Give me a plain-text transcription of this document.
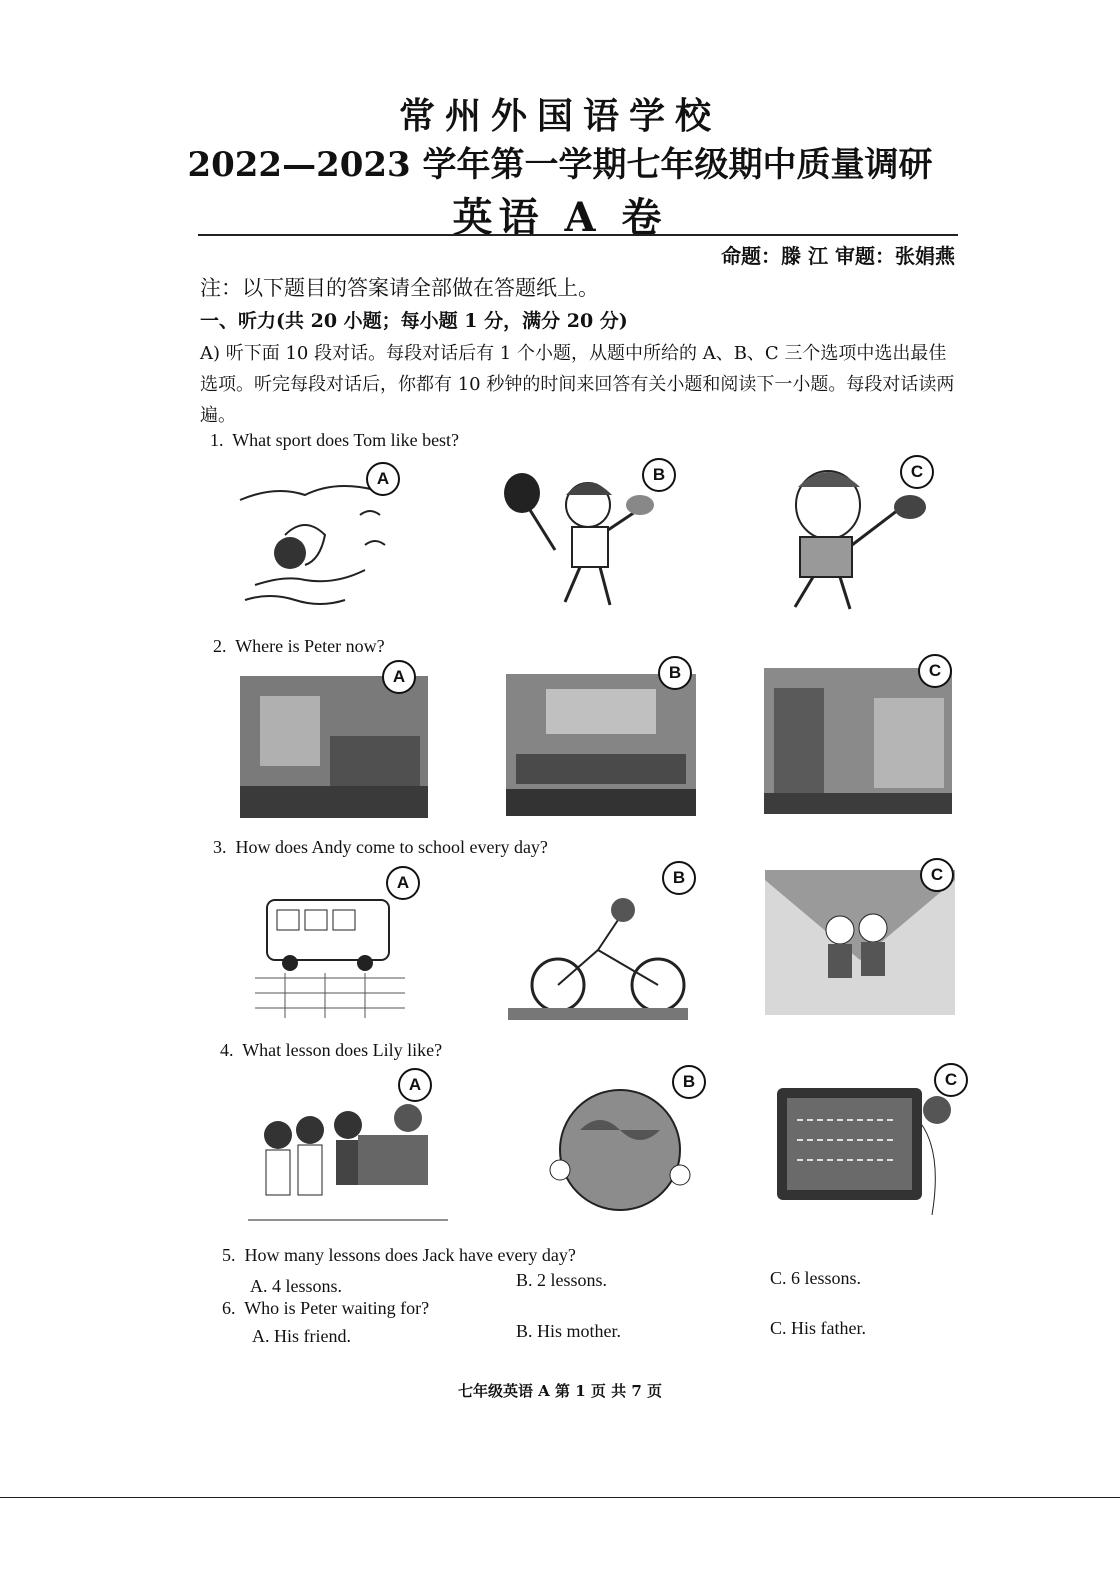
常州外国语学校
2022—2023 学年第一学期七年级期中质量调研
英语 A 卷
命题：滕 江 审题：张娟燕
注：以下题目的答案请全部做在答题纸上。
一、听力(共 20 小题；每小题 1 分，满分 20 分)
A) 听下面 10 段对话。每段对话后有 1 个小题，从题中所给的 A、B、C 三个选项中选出最佳选项。听完每段对话后，你都有 10 秒钟的时间来回答有关小题和阅读下一小题。每段对话读两遍。
1. What sport does Tom like best?
A	B	C
2. Where is Peter now?
A	B	C
3. How does Andy come to school every day?
A	B	C
4. What lesson does Lily like?
A	B	C
5. How many lessons does Jack have every day?
A. 4 lessons.	B. 2 lessons.	C. 6 lessons.
6. Who is Peter waiting for?
A. His friend.	B. His mother.	C. His father.
七年级英语 A 第 1 页 共 7 页
